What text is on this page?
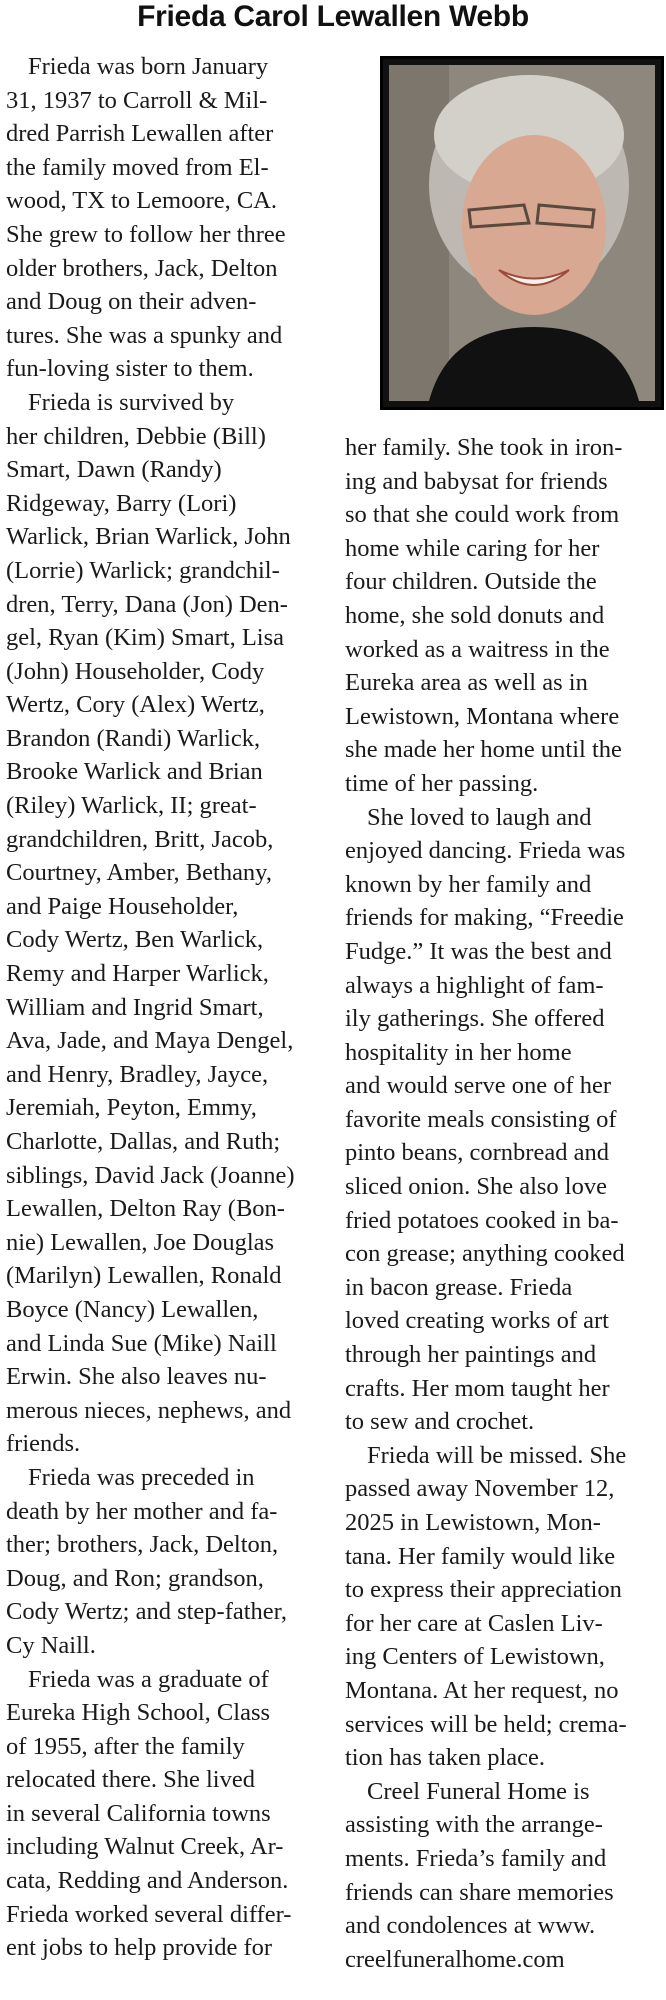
Frieda Carol Lewallen Webb
Frieda was born January
31, 1937 to Carroll & Mil-
dred Parrish Lewallen after
the family moved from El-
wood, TX to Lemoore, CA.
She grew to follow her three
older brothers, Jack, Delton
and Doug on their adven-
tures. She was a spunky and
fun-loving sister to them.
Frieda is survived by
her children, Debbie (Bill)
Smart, Dawn (Randy)
Ridgeway, Barry (Lori)
Warlick, Brian Warlick, John
(Lorrie) Warlick; grandchil-
dren, Terry, Dana (Jon) Den-
gel, Ryan (Kim) Smart, Lisa
(John) Householder, Cody
Wertz, Cory (Alex) Wertz,
Brandon (Randi) Warlick,
Brooke Warlick and Brian
(Riley) Warlick, II; great-
grandchildren, Britt, Jacob,
Courtney, Amber, Bethany,
and Paige Householder,
Cody Wertz, Ben Warlick,
Remy and Harper Warlick,
William and Ingrid Smart,
Ava, Jade, and Maya Dengel,
and Henry, Bradley, Jayce,
Jeremiah, Peyton, Emmy,
Charlotte, Dallas, and Ruth;
siblings, David Jack (Joanne)
Lewallen, Delton Ray (Bon-
nie) Lewallen, Joe Douglas
(Marilyn) Lewallen, Ronald
Boyce (Nancy) Lewallen,
and Linda Sue (Mike) Naill
Erwin. She also leaves nu-
merous nieces, nephews, and
friends.
Frieda was preceded in
death by her mother and fa-
ther; brothers, Jack, Delton,
Doug, and Ron; grandson,
Cody Wertz; and step-father,
Cy Naill.
Frieda was a graduate of
Eureka High School, Class
of 1955, after the family
relocated there. She lived
in several California towns
including Walnut Creek, Ar-
cata, Redding and Anderson.
Frieda worked several differ-
ent jobs to help provide for
her family. She took in iron-
ing and babysat for friends
so that she could work from
home while caring for her
four children. Outside the
home, she sold donuts and
worked as a waitress in the
Eureka area as well as in
Lewistown, Montana where
she made her home until the
time of her passing.
She loved to laugh and
enjoyed dancing. Frieda was
known by her family and
friends for making, “Freedie
Fudge.” It was the best and
always a highlight of fam-
ily gatherings. She offered
hospitality in her home
and would serve one of her
favorite meals consisting of
pinto beans, cornbread and
sliced onion. She also love
fried potatoes cooked in ba-
con grease; anything cooked
in bacon grease. Frieda
loved creating works of art
through her paintings and
crafts. Her mom taught her
to sew and crochet.
Frieda will be missed. She
passed away November 12,
2025 in Lewistown, Mon-
tana. Her family would like
to express their appreciation
for her care at Caslen Liv-
ing Centers of Lewistown,
Montana. At her request, no
services will be held; crema-
tion has taken place.
Creel Funeral Home is
assisting with the arrange-
ments. Frieda’s family and
friends can share memories
and condolences at www.
creelfuneralhome.com
